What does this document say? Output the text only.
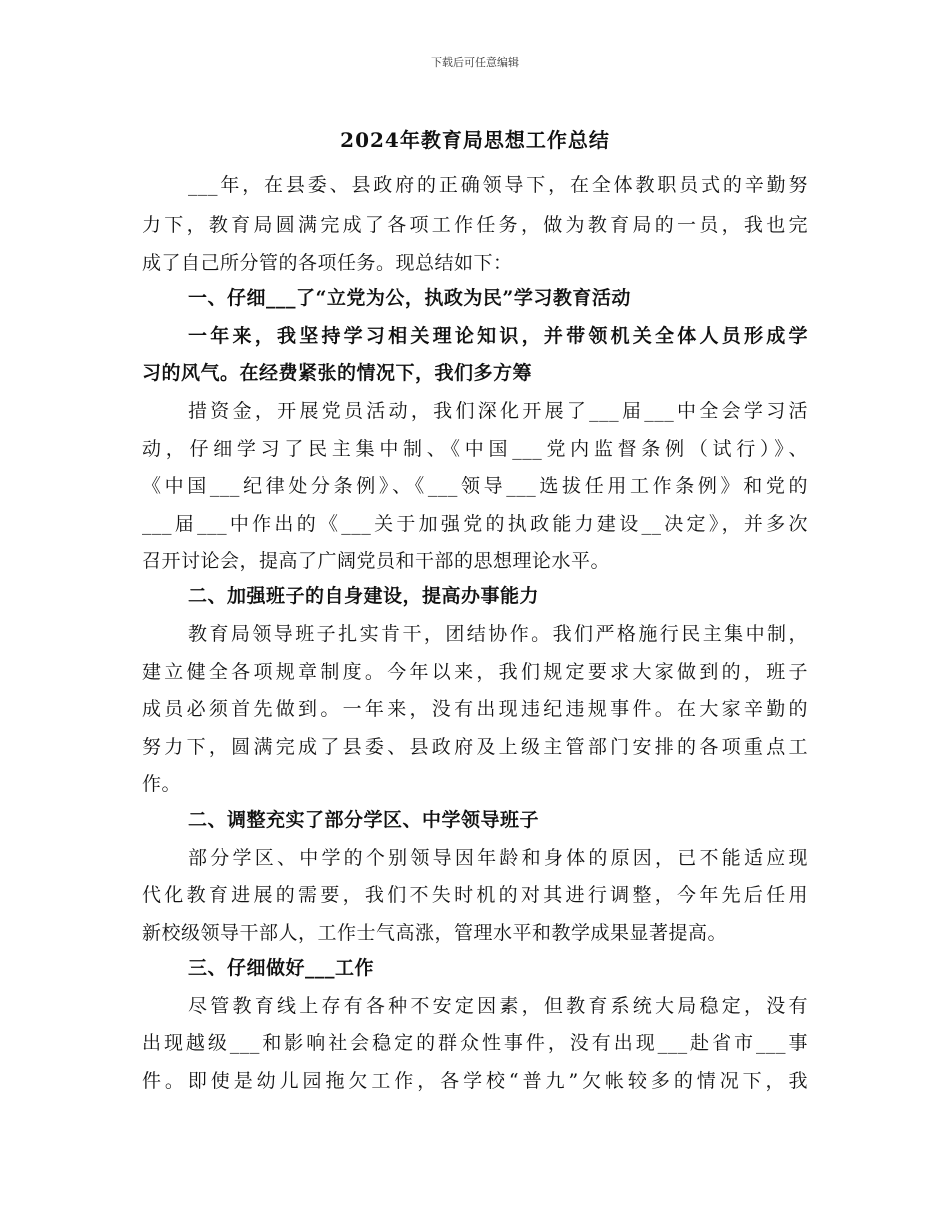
下载后可任意编辑
2024年教育局思想工作总结
___年，在县委、县政府的正确领导下，在全体教职员式的辛勤努
力下，教育局圆满完成了各项工作任务，做为教育局的一员，我也完
成了自己所分管的各项任务。现总结如下：
一、仔细___了“立党为公，执政为民”学习教育活动
一年来，我坚持学习相关理论知识，并带领机关全体人员形成学
习的风气。在经费紧张的情况下，我们多方筹
措资金，开展党员活动，我们深化开展了___届___中全会学习活
动，仔细学习了民主集中制、《中国___党内监督条例（试行）》、
《中国___纪律处分条例》、《___领导___选拔任用工作条例》和党的
___届___中作出的《___关于加强党的执政能力建设__决定》，并多次
召开讨论会，提高了广阔党员和干部的思想理论水平。
二、加强班子的自身建设，提高办事能力
教育局领导班子扎实肯干，团结协作。我们严格施行民主集中制，
建立健全各项规章制度。今年以来，我们规定要求大家做到的，班子
成员必须首先做到。一年来，没有出现违纪违规事件。在大家辛勤的
努力下，圆满完成了县委、县政府及上级主管部门安排的各项重点工
作。
二、调整充实了部分学区、中学领导班子
部分学区、中学的个别领导因年龄和身体的原因，已不能适应现
代化教育进展的需要，我们不失时机的对其进行调整，今年先后任用
新校级领导干部人，工作士气高涨，管理水平和教学成果显著提高。
三、仔细做好___工作
尽管教育线上存有各种不安定因素，但教育系统大局稳定，没有
出现越级___和影响社会稳定的群众性事件，没有出现___赴省市___事
件。即使是幼儿园拖欠工作，各学校“普九”欠帐较多的情况下，我
